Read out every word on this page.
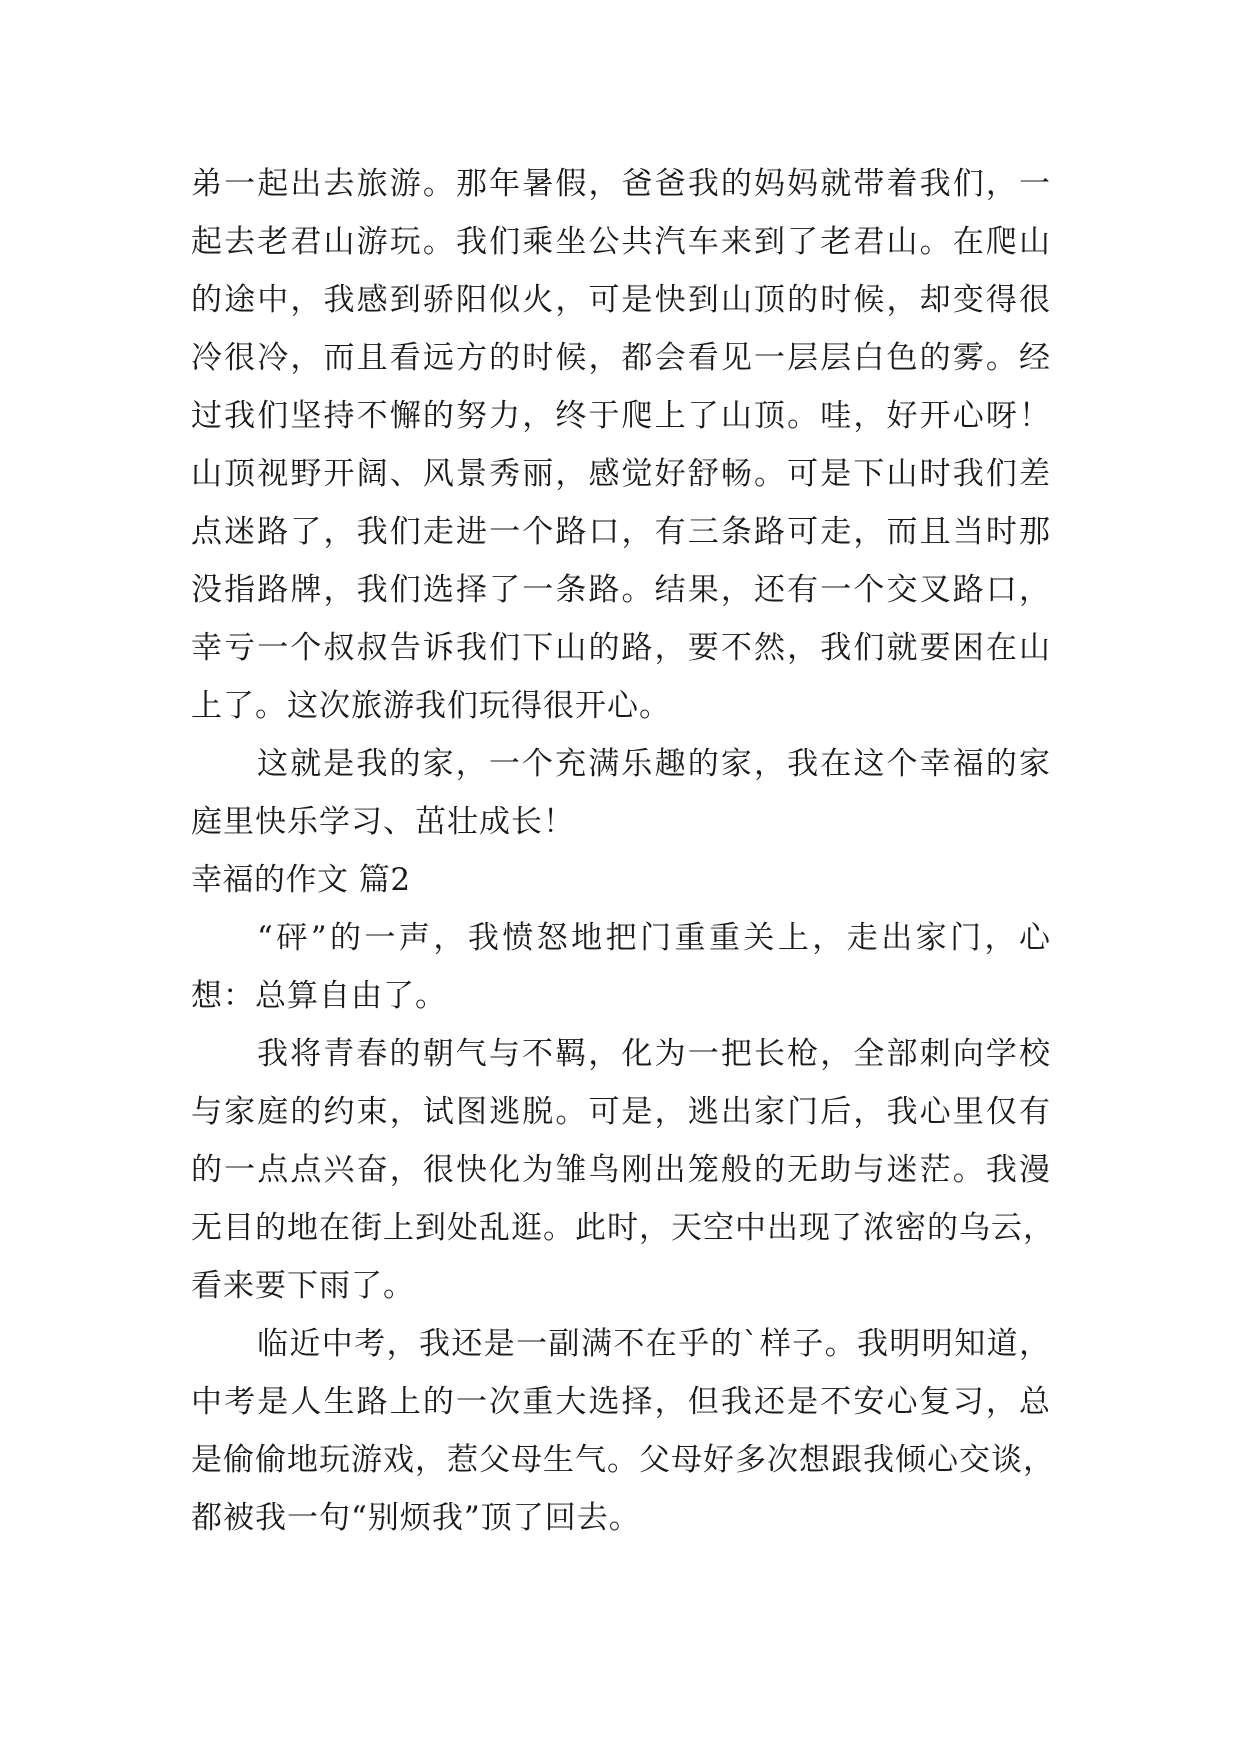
弟一起出去旅游。那年暑假，爸爸我的妈妈就带着我们，一
起去老君山游玩。我们乘坐公共汽车来到了老君山。在爬山
的途中，我感到骄阳似火，可是快到山顶的时候，却变得很
冷很冷，而且看远方的时候，都会看见一层层白色的雾。经
过我们坚持不懈的努力，终于爬上了山顶。哇，好开心呀！
山顶视野开阔、风景秀丽，感觉好舒畅。可是下山时我们差
点迷路了，我们走进一个路口，有三条路可走，而且当时那
没指路牌，我们选择了一条路。结果，还有一个交叉路口，
幸亏一个叔叔告诉我们下山的路，要不然，我们就要困在山
上了。这次旅游我们玩得很开心。
这就是我的家，一个充满乐趣的家，我在这个幸福的家
庭里快乐学习、茁壮成长！
幸福的作文 篇2
“砰”的一声，我愤怒地把门重重关上，走出家门，心
想：总算自由了。
我将青春的朝气与不羁，化为一把长枪，全部刺向学校
与家庭的约束，试图逃脱。可是，逃出家门后，我心里仅有
的一点点兴奋，很快化为雏鸟刚出笼般的无助与迷茫。我漫
无目的地在街上到处乱逛。此时，天空中出现了浓密的乌云，
看来要下雨了。
临近中考，我还是一副满不在乎的`样子。我明明知道，
中考是人生路上的一次重大选择，但我还是不安心复习，总
是偷偷地玩游戏，惹父母生气。父母好多次想跟我倾心交谈，
都被我一句“别烦我”顶了回去。
